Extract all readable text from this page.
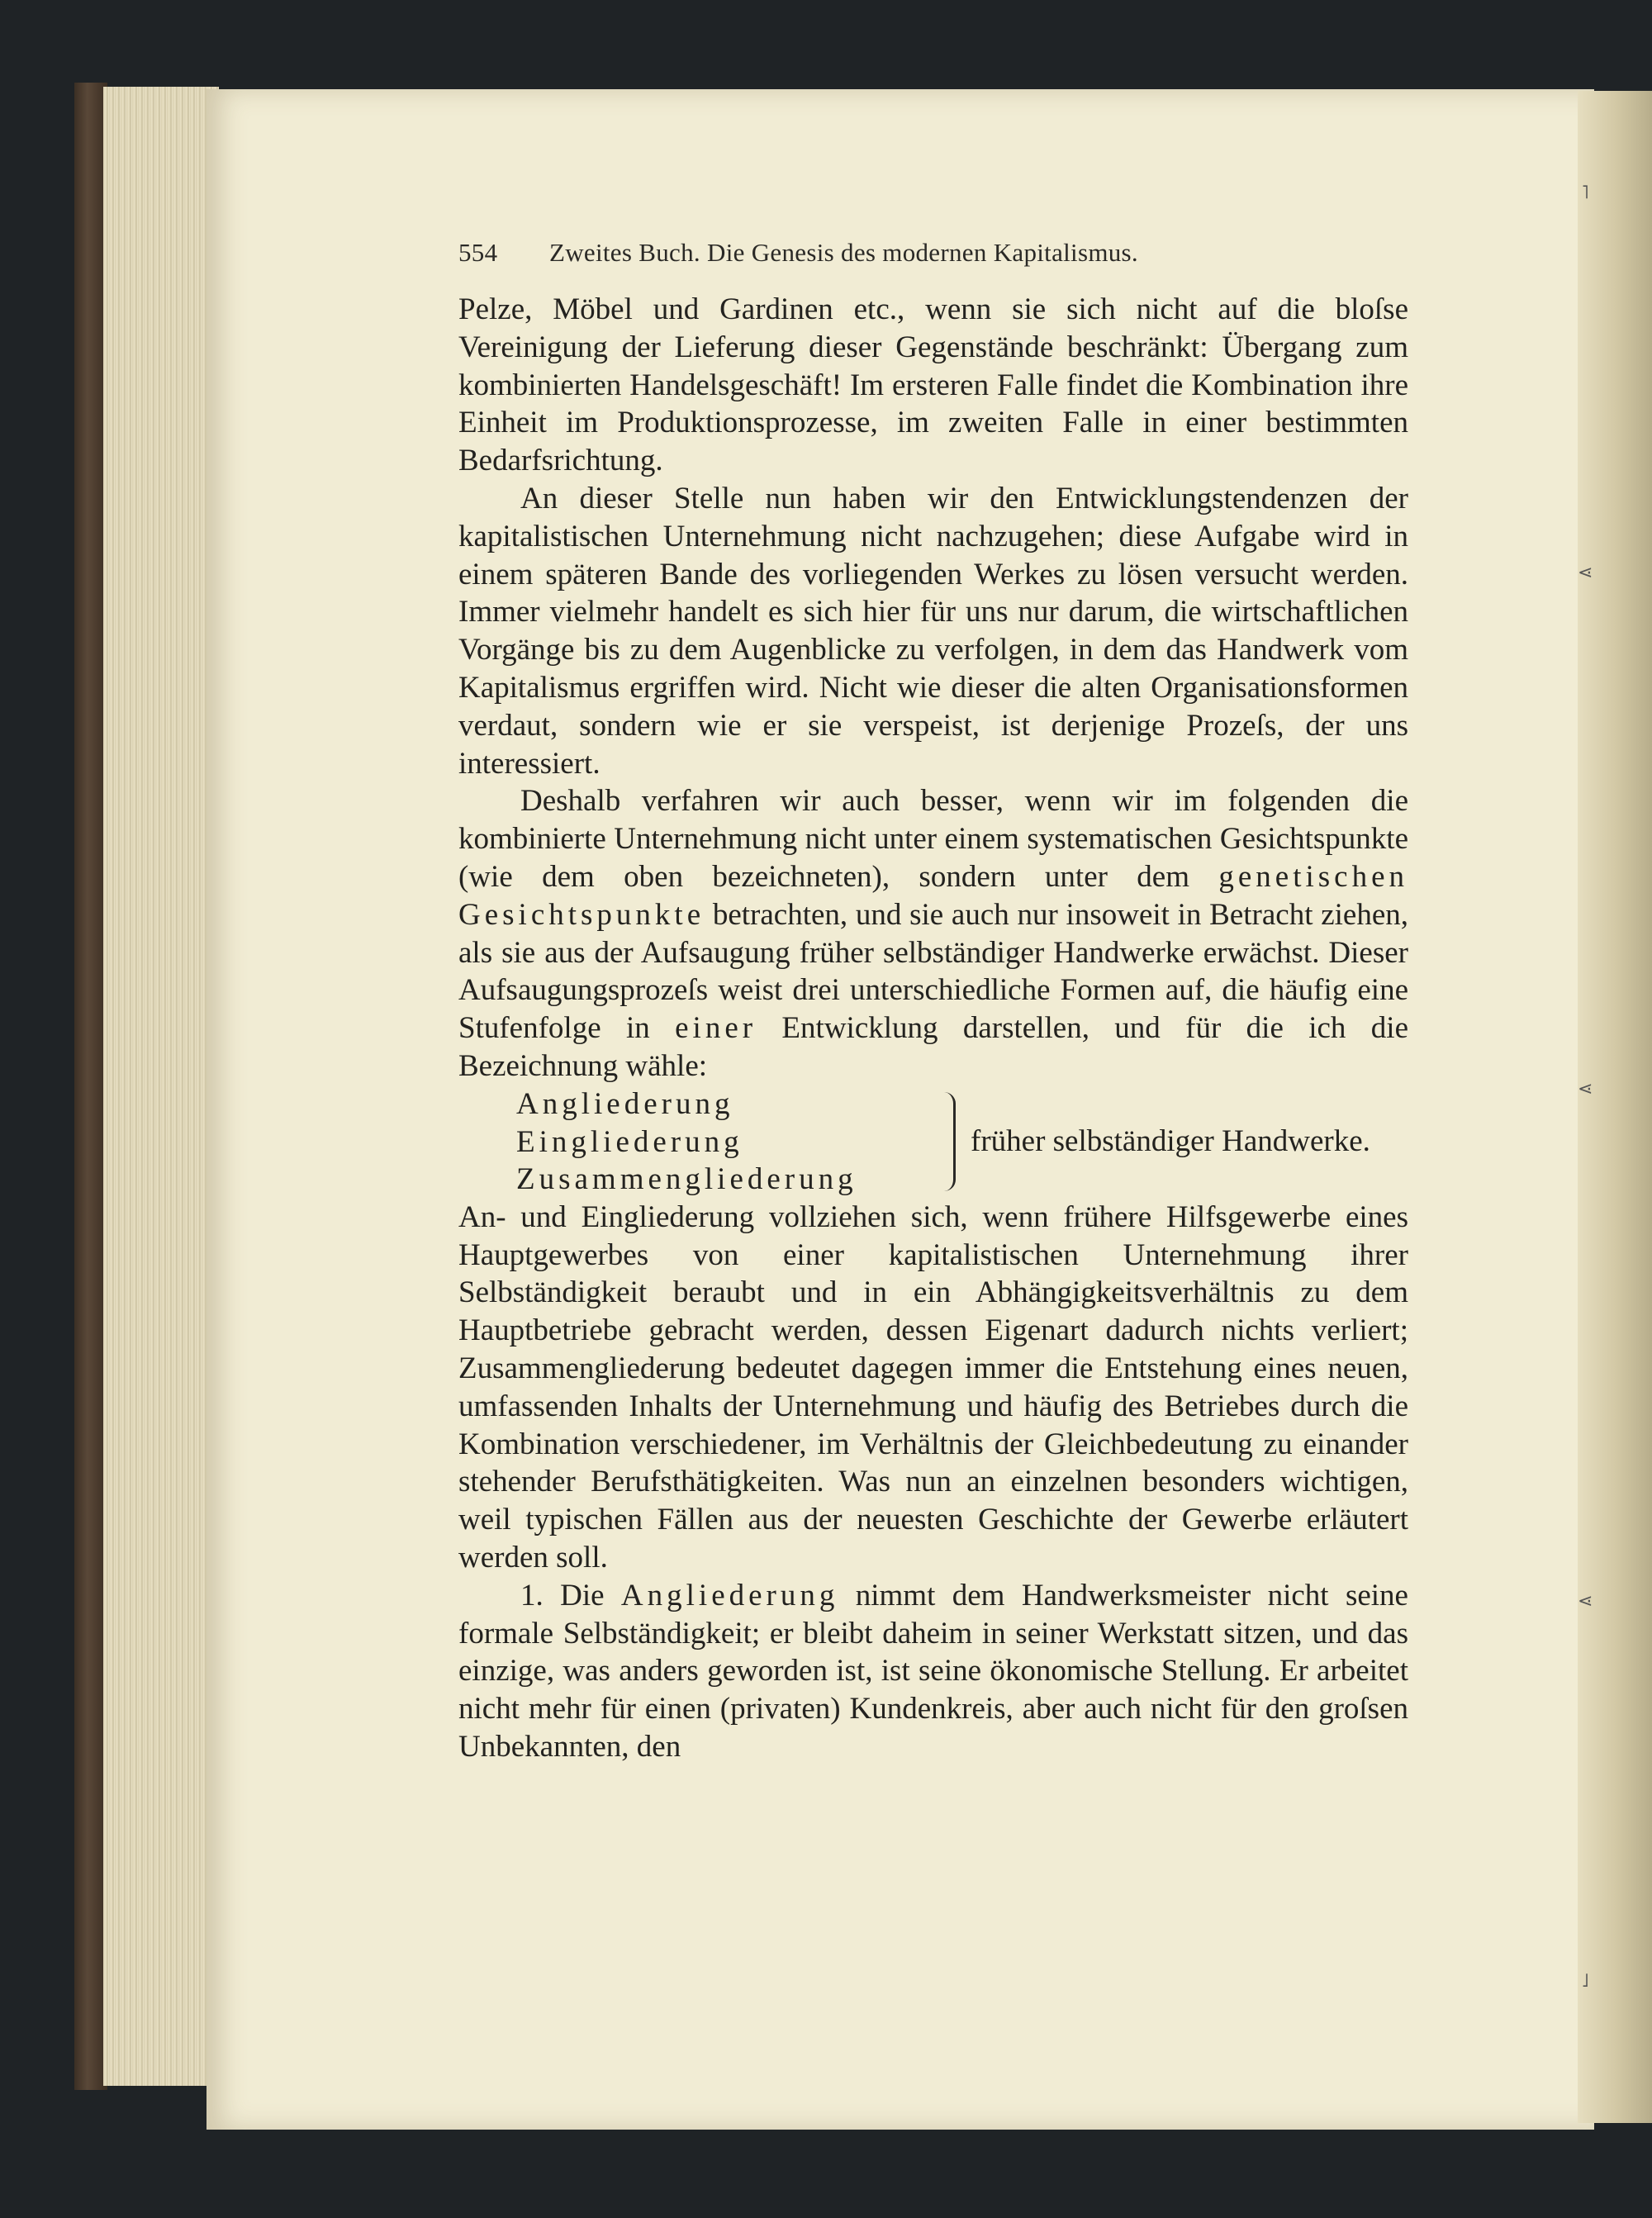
554	Zweites Buch. Die Genesis des modernen Kapitalismus.

Pelze, Möbel und Gardinen etc., wenn sie sich nicht auf die bloſse Vereinigung der Lieferung dieser Gegenstände beschränkt: Übergang zum kombinierten Handelsgeschäft! Im ersteren Falle findet die Kombination ihre Einheit im Produktionsprozesse, im zweiten Falle in einer bestimmten Bedarfsrichtung.

An dieser Stelle nun haben wir den Entwicklungstendenzen der kapitalistischen Unternehmung nicht nachzugehen; diese Aufgabe wird in einem späteren Bande des vorliegenden Werkes zu lösen versucht werden. Immer vielmehr handelt es sich hier für uns nur darum, die wirtschaftlichen Vorgänge bis zu dem Augenblicke zu verfolgen, in dem das Handwerk vom Kapitalismus ergriffen wird. Nicht wie dieser die alten Organisationsformen verdaut, sondern wie er sie verspeist, ist derjenige Prozeſs, der uns interessiert.

Deshalb verfahren wir auch besser, wenn wir im folgenden die kombinierte Unternehmung nicht unter einem systematischen Gesichtspunkte (wie dem oben bezeichneten), sondern unter dem genetischen Gesichtspunkte betrachten, und sie auch nur insoweit in Betracht ziehen, als sie aus der Aufsaugung früher selbständiger Handwerke erwächst. Dieser Aufsaugungsprozeſs weist drei unterschiedliche Formen auf, die häufig eine Stufenfolge in einer Entwicklung darstellen, und für die ich die Bezeichnung wähle:

Angliederung
Eingliederung
Zusammengliederung
früher selbständiger Handwerke.

An- und Eingliederung vollziehen sich, wenn frühere Hilfsgewerbe eines Hauptgewerbes von einer kapitalistischen Unternehmung ihrer Selbständigkeit beraubt und in ein Abhängigkeitsverhältnis zu dem Hauptbetriebe gebracht werden, dessen Eigenart dadurch nichts verliert; Zusammengliederung bedeutet dagegen immer die Entstehung eines neuen, umfassenden Inhalts der Unternehmung und häufig des Betriebes durch die Kombination verschiedener, im Verhältnis der Gleichbedeutung zu einander stehender Berufsthätigkeiten. Was nun an einzelnen besonders wichtigen, weil typischen Fällen aus der neuesten Geschichte der Gewerbe erläutert werden soll.

1. Die Angliederung nimmt dem Handwerksmeister nicht seine formale Selbständigkeit; er bleibt daheim in seiner Werkstatt sitzen, und das einzige, was anders geworden ist, ist seine ökonomische Stellung. Er arbeitet nicht mehr für einen (privaten) Kundenkreis, aber auch nicht für den groſsen Unbekannten, den
